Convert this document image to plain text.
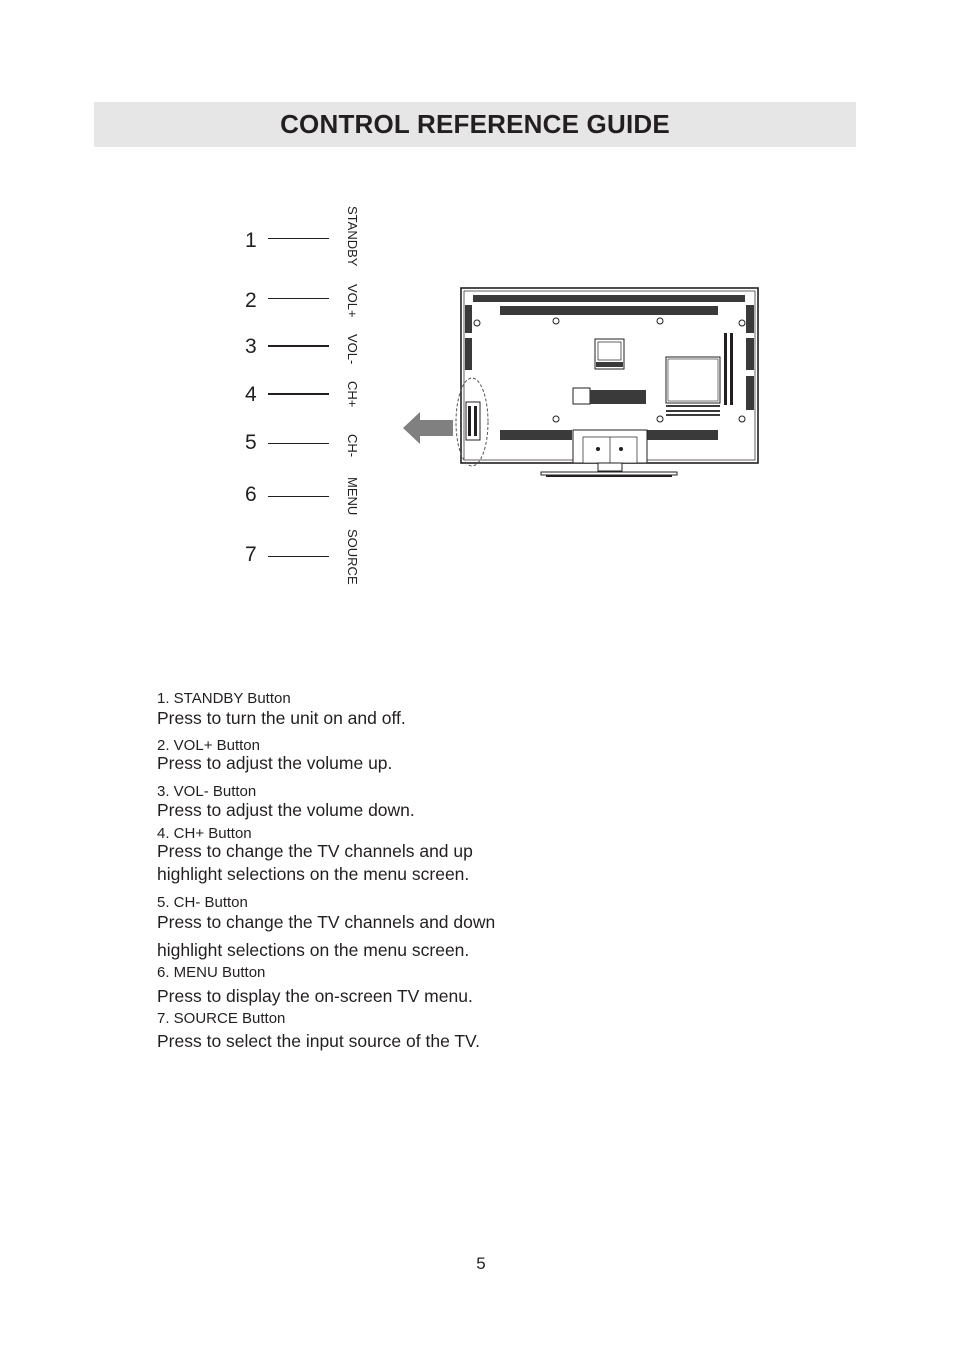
CONTROL REFERENCE GUIDE
1
2
3
4
5
6
7
STANDBY
VOL+
VOL-
CH+
CH-
MENU
SOURCE
1. STANDBY Button
Press to turn the unit on and off.
2. VOL+ Button
Press to adjust the volume up.
3. VOL- Button
Press to adjust the volume down.
4. CH+ Button
Press to change the TV channels and up
highlight selections on the menu screen.
5. CH- Button
Press to change the TV channels and down
highlight selections on the menu screen.
6. MENU Button
Press to display the on-screen TV menu.
7. SOURCE Button
Press to select the input source of the TV.
5
